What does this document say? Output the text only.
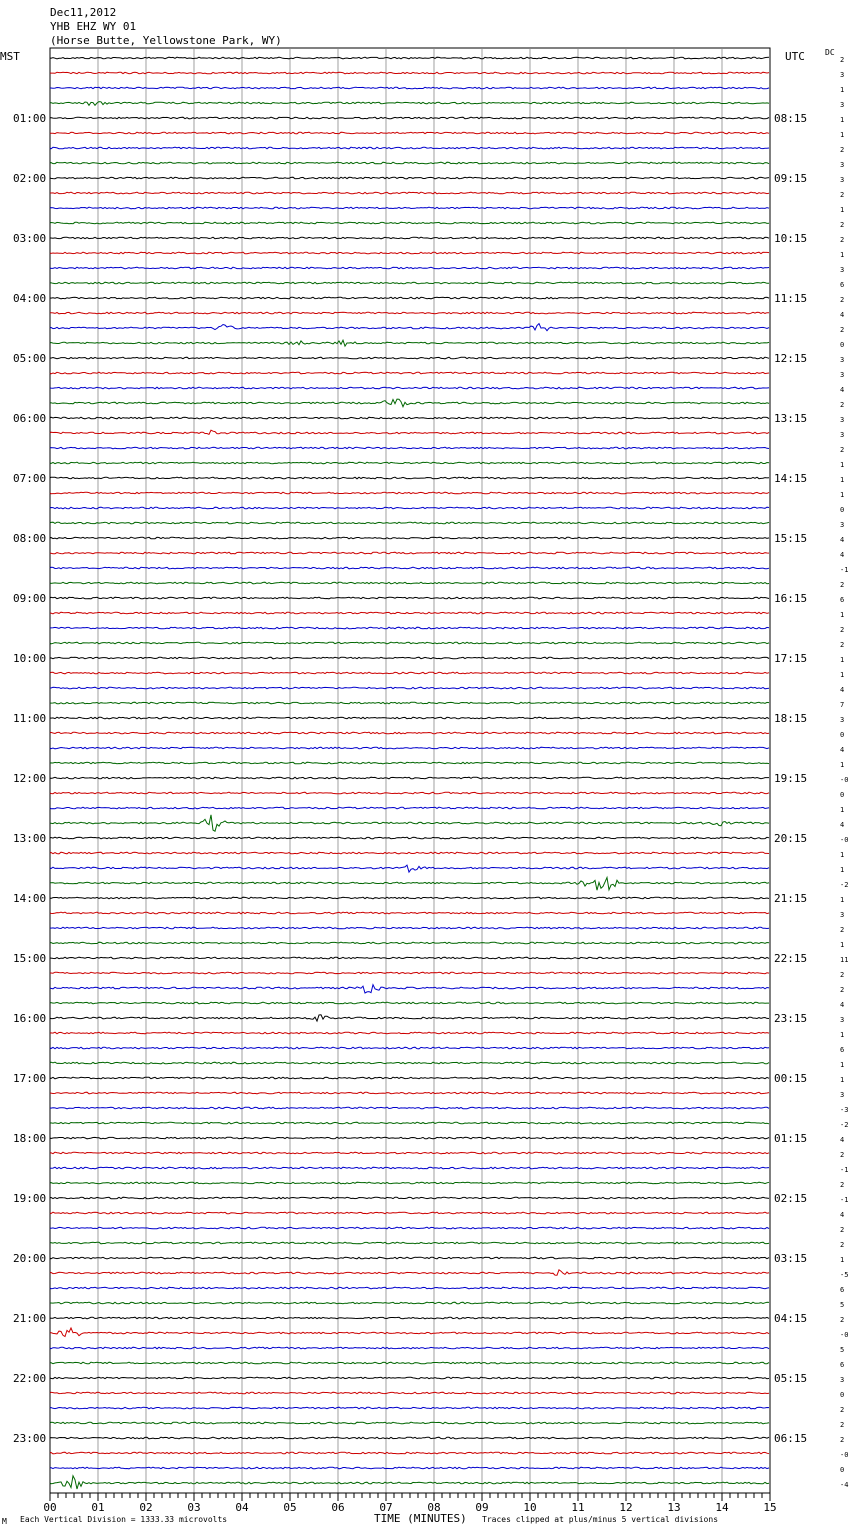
Dec11,2012
YHB EHZ WY 01
(Horse Butte, Yellowstone Park, WY)
MST	UTC	DC
2
3
1
3
1
01:00	08:15
1
2
3
3
02:00	09:15
2
1
2
2
03:00	10:15
1
3
6
2
04:00	11:15
4
2
0
3
05:00	12:15
3
4
2
3
06:00	13:15
3
2
1
1
07:00	14:15
1
0
3
4
08:00	15:15
4
-1
2
6
09:00	16:15
1
2
2
1
10:00	17:15
1
4
7
3
11:00	18:15
0
4
1
-0
12:00	19:15
0
1
4
-0
13:00	20:15
1
1
-2
1
14:00	21:15
3
2
1
11
15:00	22:15
2
2
4
3
16:00	23:15
1
6
1
1
17:00	00:15
3
-3
-2
4
18:00	01:15
2
-1
2
-1
19:00	02:15
4
2
2
1
20:00	03:15
-5
6
5
2
21:00	04:15
-0
5
6
3
22:00	05:15
0
2
2
2
23:00	06:15
-0
0
-4
00	01	02	03	04	05	06	07	08	09	10	11	12	13	14	15
M Each Vertical Division = 1333.33 microvolts	TIME (MINUTES) Traces clipped at plus/minus 5 vertical divisions
